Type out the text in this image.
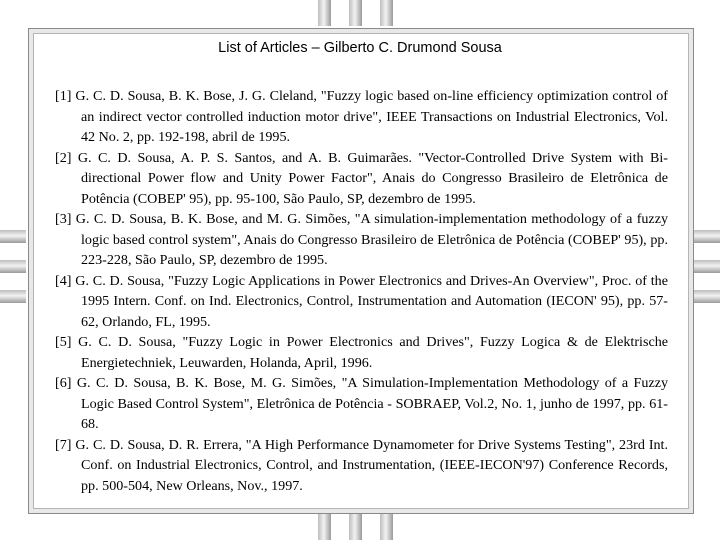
List of Articles – Gilberto C. Drumond Sousa
[1] G. C. D. Sousa, B. K. Bose, J. G. Cleland, "Fuzzy logic based on-line efficiency optimization control of an indirect vector controlled induction motor drive", IEEE Transactions on Industrial Electronics, Vol. 42 No. 2, pp. 192-198, abril de 1995.
[2] G. C. D. Sousa, A. P. S. Santos, and A. B. Guimarães. "Vector-Controlled Drive System with Bi-directional Power flow and Unity Power Factor", Anais do Congresso Brasileiro de Eletrônica de Potência (COBEP' 95), pp. 95-100, São Paulo, SP, dezembro de 1995.
[3] G. C. D. Sousa, B. K. Bose, and M. G. Simões, "A simulation-implementation methodology of a fuzzy logic based control system", Anais do Congresso Brasileiro de Eletrônica de Potência (COBEP' 95), pp. 223-228, São Paulo, SP, dezembro de 1995.
[4] G. C. D. Sousa, "Fuzzy Logic Applications in Power Electronics and Drives-An Overview", Proc. of the 1995 Intern. Conf. on Ind. Electronics, Control, Instrumentation and Automation (IECON' 95), pp. 57-62, Orlando, FL, 1995.
[5] G. C. D. Sousa, "Fuzzy Logic in Power Electronics and Drives", Fuzzy Logica & de Elektrische Energietechniek, Leuwarden, Holanda, April, 1996.
[6] G. C. D. Sousa, B. K. Bose, M. G. Simões, "A Simulation-Implementation Methodology of a Fuzzy Logic Based Control System", Eletrônica de Potência - SOBRAEP, Vol.2, No. 1, junho de 1997, pp. 61-68.
[7] G. C. D. Sousa, D. R. Errera, "A High Performance Dynamometer for Drive Systems Testing", 23rd Int. Conf. on Industrial Electronics, Control, and Instrumentation, (IEEE-IECON'97) Conference Records, pp. 500-504, New Orleans, Nov., 1997.
